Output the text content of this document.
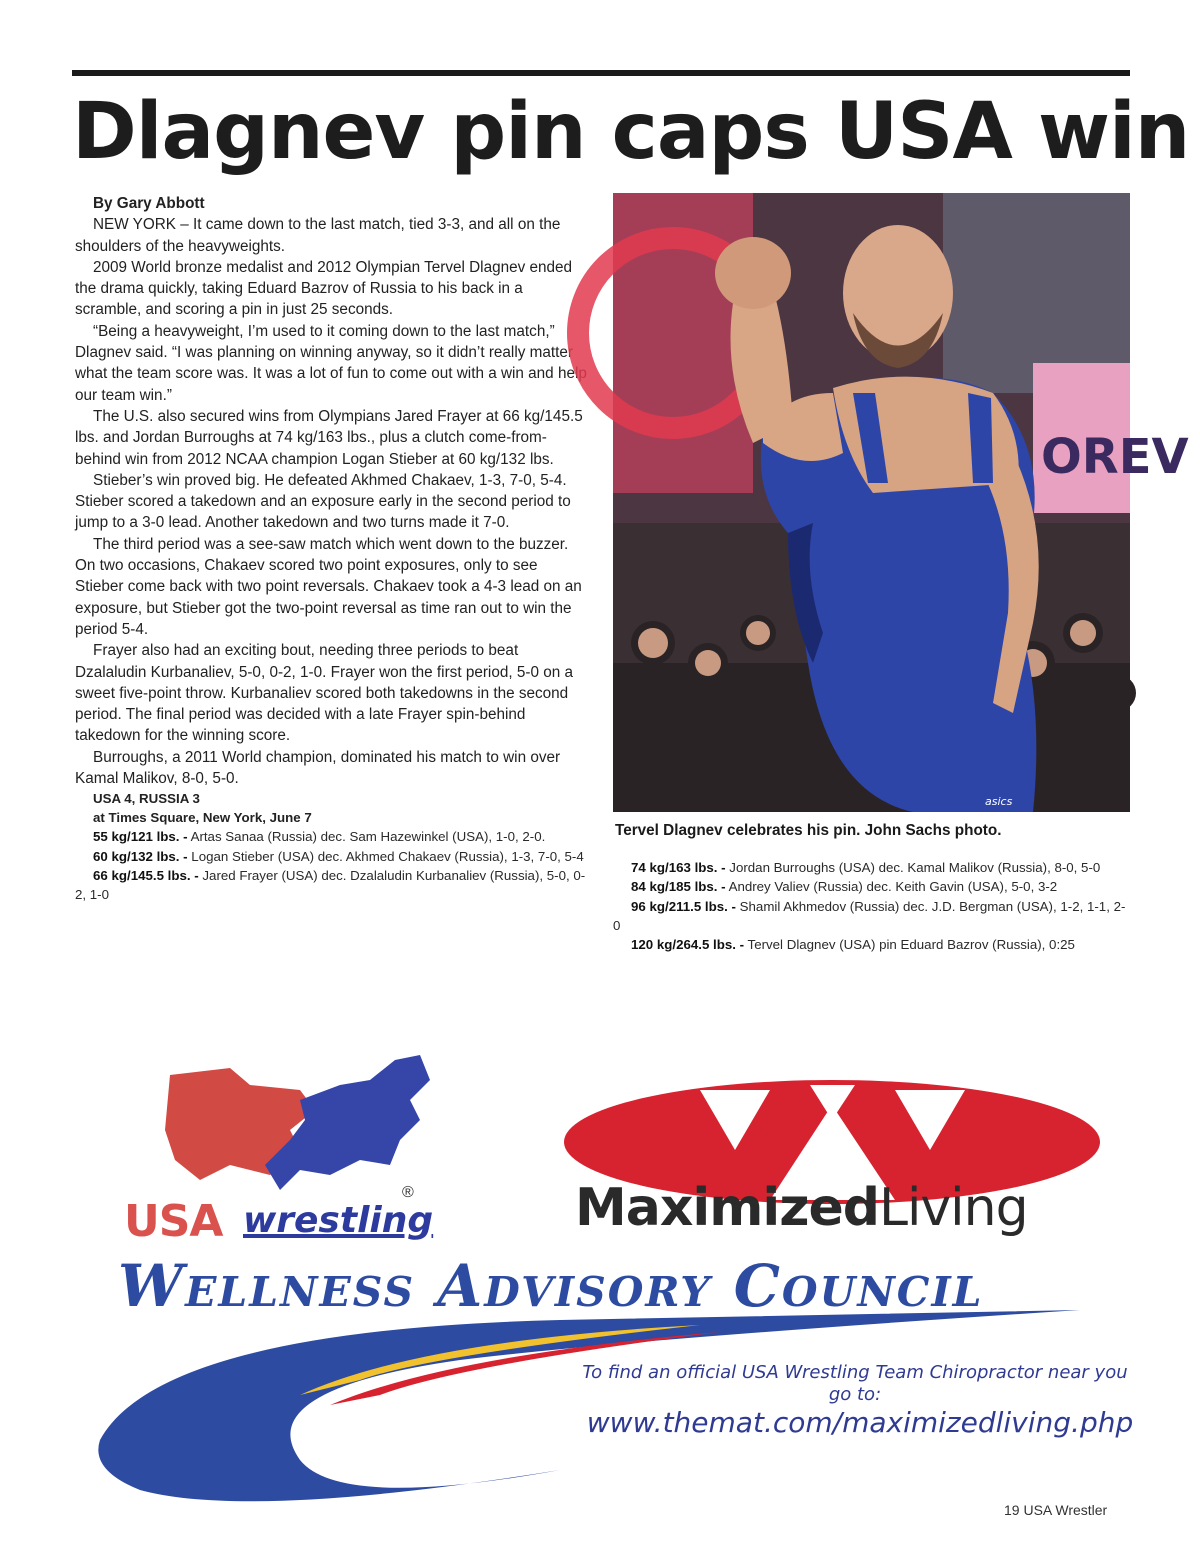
Dlagnev pin caps USA win

By Gary Abbott

NEW YORK – It came down to the last match, tied 3-3, and all on the shoulders of the heavyweights.

2009 World bronze medalist and 2012 Olympian Tervel Dlagnev ended the drama quickly, taking Eduard Bazrov of Russia to his back in a scramble, and scoring a pin in just 25 seconds.

“Being a heavyweight, I’m used to it coming down to the last match,” Dlagnev said. “I was planning on winning anyway, so it didn’t really matter what the team score was. It was a lot of fun to come out with a win and help our team win.”

The U.S. also secured wins from Olympians Jared Frayer at 66 kg/145.5 lbs. and Jordan Burroughs at 74 kg/163 lbs., plus a clutch come-from-behind win from 2012 NCAA champion Logan Stieber at 60 kg/132 lbs.

Stieber’s win proved big. He defeated Akhmed Chakaev, 1-3, 7-0, 5-4. Stieber scored a takedown and an exposure early in the second period to jump to a 3-0 lead. Another takedown and two turns made it 7-0.

The third period was a see-saw match which went down to the buzzer. On two occasions, Chakaev scored two point exposures, only to see Stieber come back with two point reversals. Chakaev took a 4-3 lead on an exposure, but Stieber got the two-point reversal as time ran out to win the period 5-4.

Frayer also had an exciting bout, needing three periods to beat Dzalaludin Kurbanaliev, 5-0, 0-2, 1-0. Frayer won the first period, 5-0 on a sweet five-point throw. Kurbanaliev scored both takedowns in the second period. The final period was decided with a late Frayer spin-behind takedown for the winning score.

Burroughs, a 2011 World champion, dominated his match to win over Kamal Malikov, 8-0, 5-0.

USA 4, RUSSIA 3

at Times Square, New York, June 7

55 kg/121 lbs. - Artas Sanaa (Russia) dec. Sam Hazewinkel (USA), 1-0, 2-0.

60 kg/132 lbs. - Logan Stieber (USA) dec. Akhmed Chakaev (Russia), 1-3, 7-0, 5-4

66 kg/145.5 lbs. - Jared Frayer (USA) dec. Dzalaludin Kurbanaliev (Russia), 5-0, 0-2, 1-0

OREV
asics

Tervel Dlagnev celebrates his pin. John Sachs photo.

74 kg/163 lbs. - Jordan Burroughs (USA) dec. Kamal Malikov (Russia), 8-0, 5-0

84 kg/185 lbs. - Andrey Valiev (Russia) dec. Keith Gavin (USA), 5-0, 3-2

96 kg/211.5 lbs. - Shamil Akhmedov (Russia) dec. J.D. Bergman (USA), 1-2, 1-1, 2-0

120 kg/264.5 lbs. - Tervel Dlagnev (USA) pin Eduard Bazrov (Russia), 0:25

USA wrestling
®	MaximizedLiving
Wellness Advisory Council
To find an official USA Wrestling Team Chiropractor near you
go to:
www.themat.com/maximizedliving.php
19 USA Wrestler
